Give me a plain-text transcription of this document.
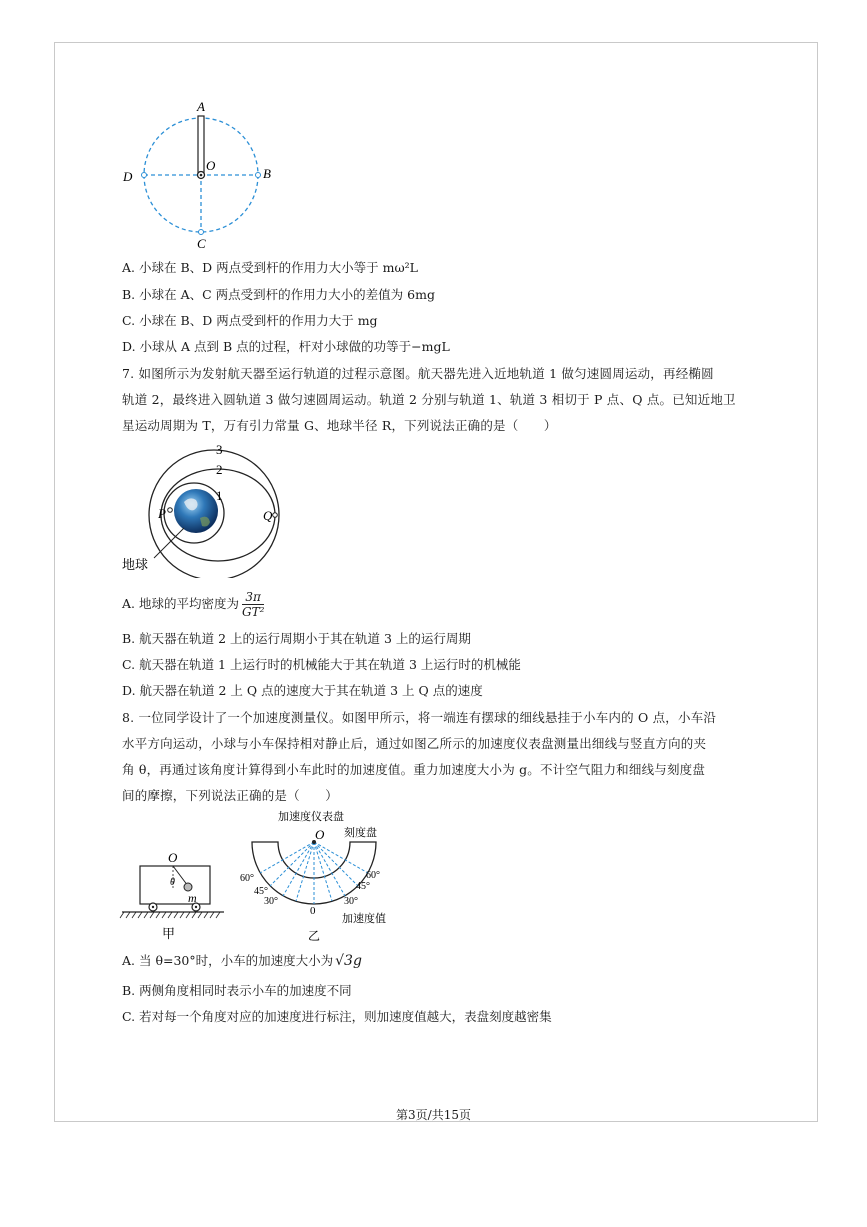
A
O
B
C
D
A. 小球在 B、D 两点受到杆的作用力大小等于 mω²L
B. 小球在 A、C 两点受到杆的作用力大小的差值为 6mg
C. 小球在 B、D 两点受到杆的作用力大于 mg
D. 小球从 A 点到 B 点的过程，杆对小球做的功等于−mgL
7. 如图所示为发射航天器至运行轨道的过程示意图。航天器先进入近地轨道 1 做匀速圆周运动，再经椭圆
轨道 2，最终进入圆轨道 3 做匀速圆周运动。轨道 2 分别与轨道 1、轨道 3 相切于 P 点、Q 点。已知近地卫
星运动周期为 T，万有引力常量 G、地球半径 R，下列说法正确的是（　　）
3
2
1
P	Q
地球
A. 地球的平均密度为 $\frac{3\pi}{\text{GT²}}$
B. 航天器在轨道 2 上的运行周期小于其在轨道 3 上的运行周期
C. 航天器在轨道 1 上运行时的机械能大于其在轨道 3 上运行时的机械能
D. 航天器在轨道 2 上 Q 点的速度大于其在轨道 3 上 Q 点的速度
8. 一位同学设计了一个加速度测量仪。如图甲所示，将一端连有摆球的细线悬挂于小车内的 O 点，小车沿
水平方向运动，小球与小车保持相对静止后，通过如图乙所示的加速度仪表盘测量出细线与竖直方向的夹
角 θ，再通过该角度计算得到小车此时的加速度值。重力加速度大小为 g。不计空气阻力和细线与刻度盘
间的摩擦，下列说法正确的是（　　）
O
θ
m
甲
加速度仪表盘
O 刻度盘
60°
45°
30°
0
30°
45°
60°
加速度值
乙
A. 当 θ=30°时，小车的加速度大小为 √3g
B. 两侧角度相同时表示小车的加速度不同
C. 若对每一个角度对应的加速度进行标注，则加速度值越大，表盘刻度越密集
第3页/共15页
